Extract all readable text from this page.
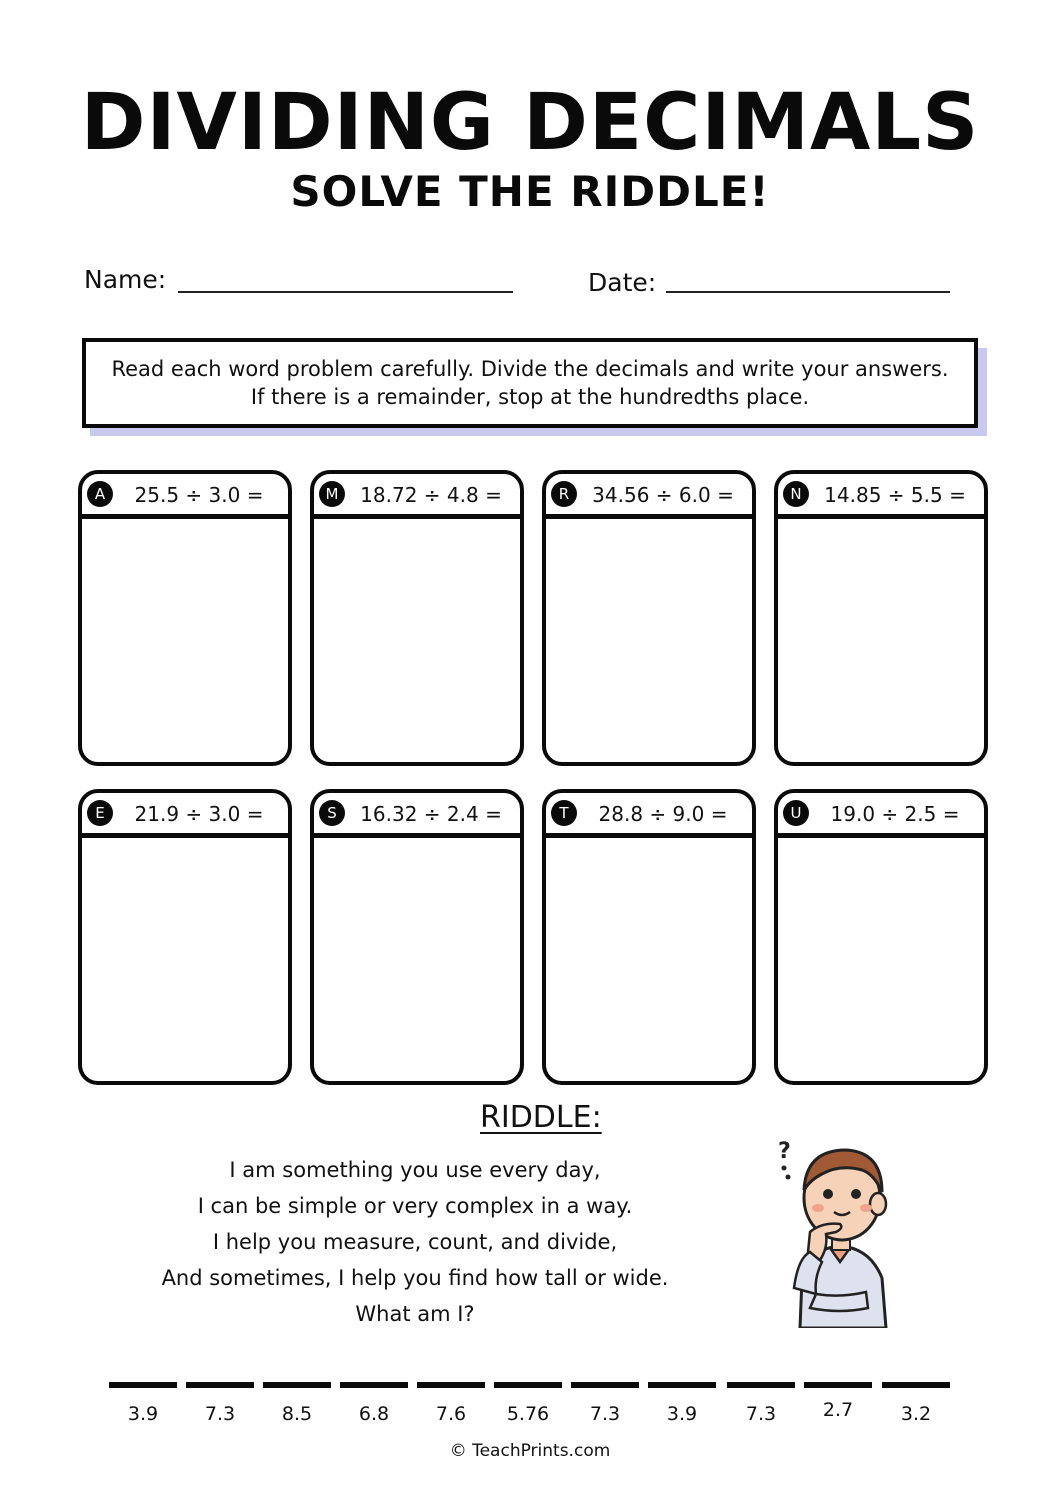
DIVIDING DECIMALS
SOLVE THE RIDDLE!
Name:	Date:
Read each word problem carefully. Divide the decimals and write your answers. If there is a remainder, stop at the hundredths place.
A	25.5 ÷ 3.0 =	M	18.72 ÷ 4.8 =	R	34.56 ÷ 6.0 =	N	14.85 ÷ 5.5 =
E	21.9 ÷ 3.0 =	S	16.32 ÷ 2.4 =	T	28.8 ÷ 9.0 =	U	19.0 ÷ 2.5 =
RIDDLE:
I am something you use every day,
I can be simple or very complex in a way.
I help you measure, count, and divide,
And sometimes, I help you find how tall or wide.
What am I?
?
3.9	7.3	8.5	6.8	7.6	5.76	7.3	3.9	7.3	2.7	3.2
© TeachPrints.com
